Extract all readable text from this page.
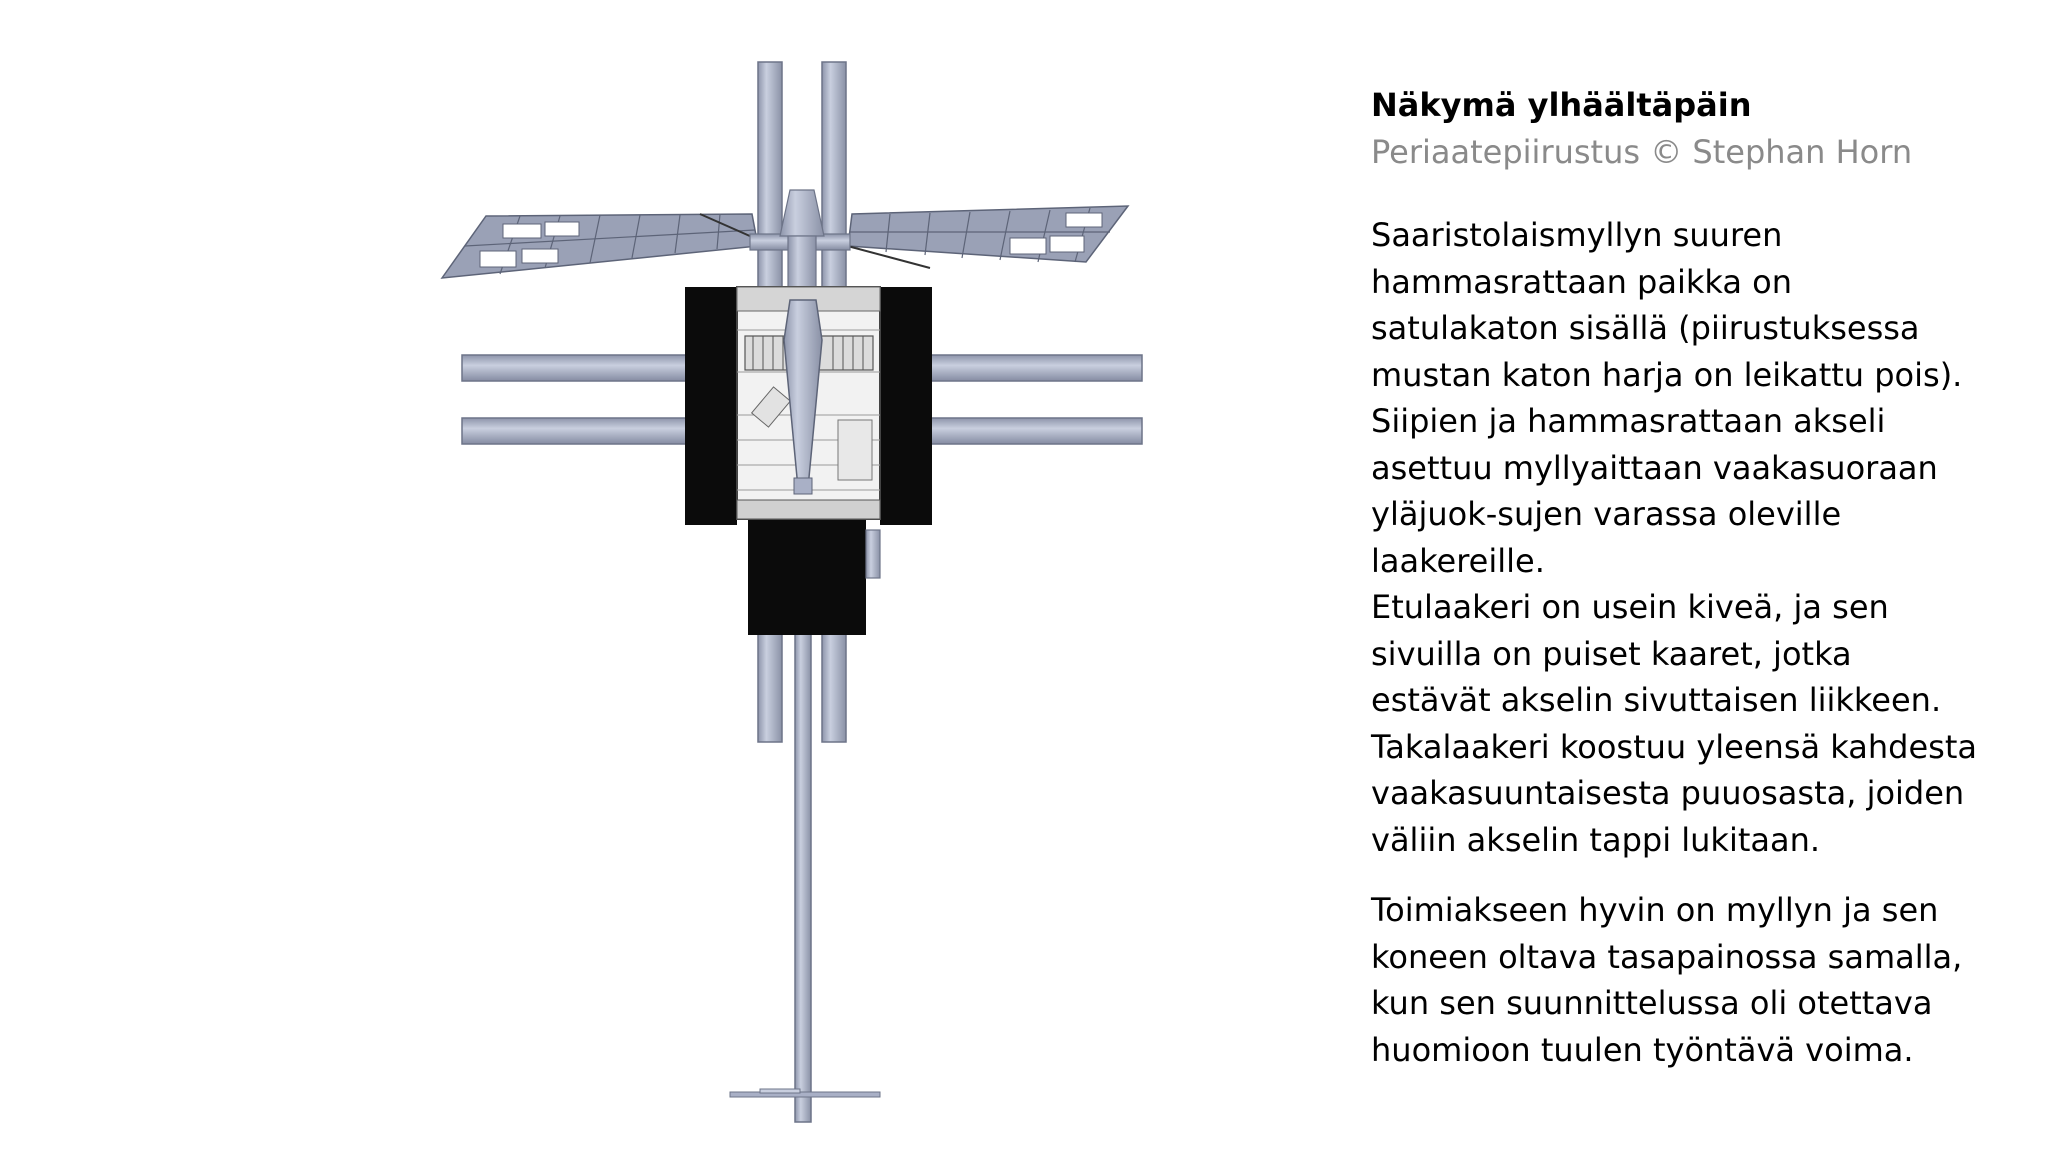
Näkymä ylhäältäpäin
Periaatepiirustus © Stephan Horn
Saaristolaismyllyn suuren
hammasrattaan paikka on
satulakaton sisällä (piirustuksessa
mustan katon harja on leikattu pois).
Siipien ja hammasrattaan akseli
asettuu myllyaittaan vaakasuoraan
yläjuok-sujen varassa oleville
laakereille.
Etulaakeri on usein kiveä, ja sen
sivuilla on puiset kaaret, jotka
estävät akselin sivuttaisen liikkeen.
Takalaakeri koostuu yleensä kahdesta
vaakasuuntaisesta puuosasta, joiden
väliin akselin tappi lukitaan.
Toimiakseen hyvin on myllyn ja sen
koneen oltava tasapainossa samalla,
kun sen suunnittelussa oli otettava
huomioon tuulen työntävä voima.
